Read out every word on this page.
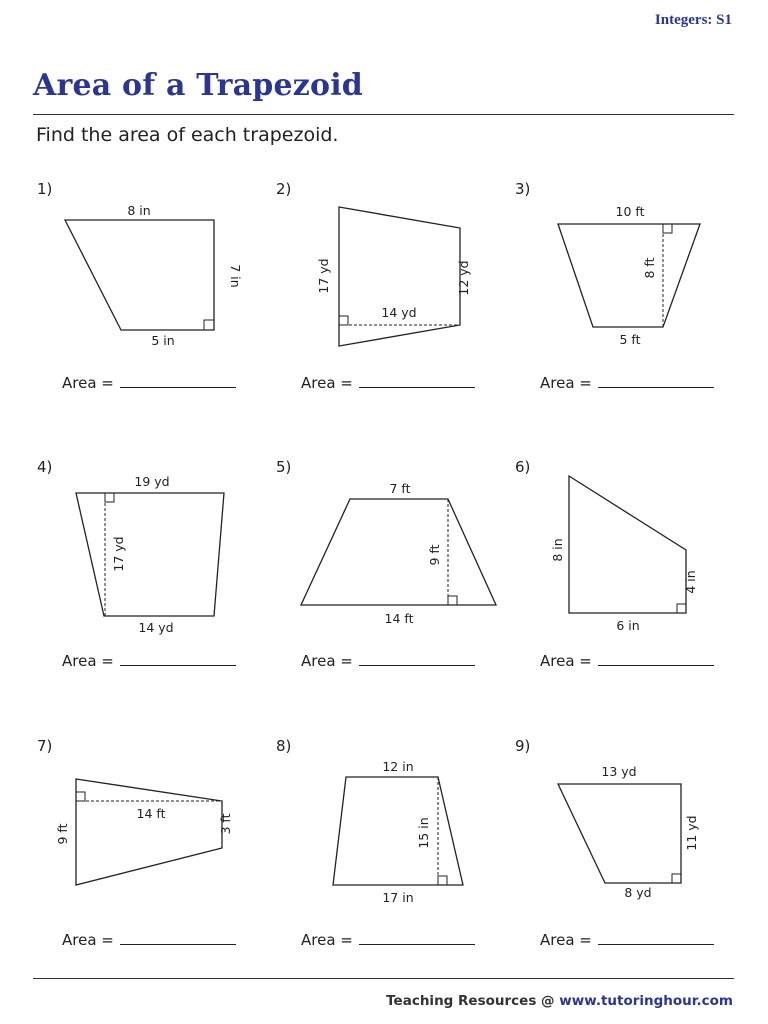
Integers: S1
Area of a Trapezoid
Find the area of each trapezoid.
1)
8 in
7 in
5 in
Area =
2)
17 yd
14 yd
12 yd
Area =
3)
10 ft
8 ft
5 ft
Area =
4)
19 yd
17 yd
14 yd
Area =
5)
7 ft
9 ft
14 ft
Area =
6)
8 in
4 in
6 in
Area =
7)
14 ft
9 ft	3 ft
Area =
8)
12 in
15 in
17 in
Area =
9)
13 yd
11 yd
8 yd
Area =
Teaching Resources @ www.tutoringhour.com
